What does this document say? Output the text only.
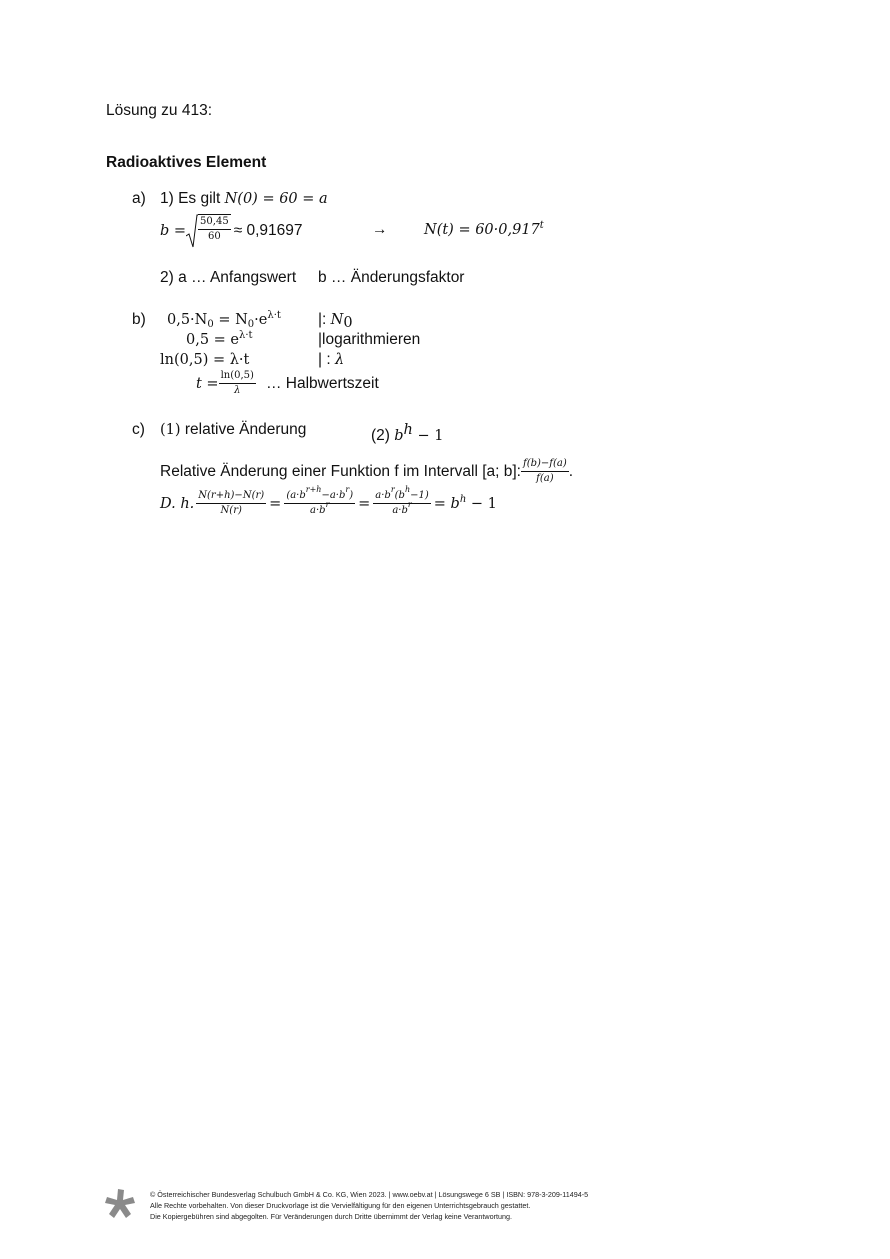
Lösung zu 413:
Radioaktives Element
a) 1) Es gilt N(0) = 60 = a
$b = \frac{50,45}{60} \approx 0,91697$	→	$N(t) = 60\cdot 0,917^t$
2) a … Anfangswert b … Änderungsfaktor
b) $0,5\cdot N_0 = N_0\cdot e^{\lambda\cdot t}$ |: $N_0$
$0,5 = e^{\lambda\cdot t}$	|logarithmieren
ln(0,5) = λ·t	| : λ
$t = \frac{\ln(0,5)}{\lambda}$ … Halbwertszeit
c) (1) relative Änderung	(2) $b^h - 1$
Relative Änderung einer Funktion f im Intervall [a; b]: $\frac{f(b)-f(a)}{f(a)}$ .
D. h. $\frac{N(r+h)-N(r)}{N(r)} = \frac{(a\cdot b^{r+h}-a\cdot b^r)}{a\cdot b^r} = \frac{a\cdot b^r(b^h-1)}{a\cdot b^r} = b^h - 1$
© Österreichischer Bundesverlag Schulbuch GmbH & Co. KG, Wien 2023. | www.oebv.at | Lösungswege 6 SB | ISBN: 978-3-209-11494-5
Alle Rechte vorbehalten. Von dieser Druckvorlage ist die Vervielfältigung für den eigenen Unterrichtsgebrauch gestattet.
Die Kopiergebühren sind abgegolten. Für Veränderungen durch Dritte übernimmt der Verlag keine Verantwortung.
